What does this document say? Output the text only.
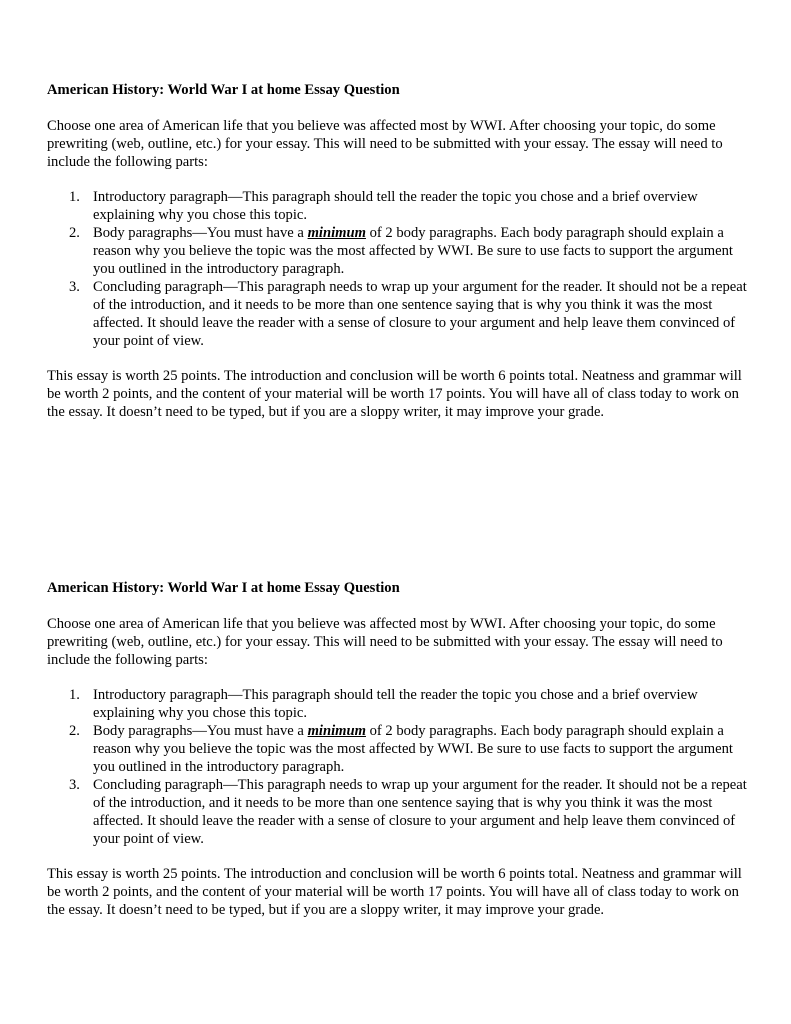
American History: World War I at home Essay Question

Choose one area of American life that you believe was affected most by WWI. After choosing your topic, do some prewriting (web, outline, etc.) for your essay. This will need to be submitted with your essay. The essay will need to include the following parts:

1. Introductory paragraph—This paragraph should tell the reader the topic you chose and a brief overview explaining why you chose this topic.
2. Body paragraphs—You must have a minimum of 2 body paragraphs. Each body paragraph should explain a reason why you believe the topic was the most affected by WWI. Be sure to use facts to support the argument you outlined in the introductory paragraph.
3. Concluding paragraph—This paragraph needs to wrap up your argument for the reader. It should not be a repeat of the introduction, and it needs to be more than one sentence saying that is why you think it was the most affected. It should leave the reader with a sense of closure to your argument and help leave them convinced of your point of view.

This essay is worth 25 points. The introduction and conclusion will be worth 6 points total. Neatness and grammar will be worth 2 points, and the content of your material will be worth 17 points. You will have all of class today to work on the essay. It doesn’t need to be typed, but if you are a sloppy writer, it may improve your grade.

American History: World War I at home Essay Question

Choose one area of American life that you believe was affected most by WWI. After choosing your topic, do some prewriting (web, outline, etc.) for your essay. This will need to be submitted with your essay. The essay will need to include the following parts:

1. Introductory paragraph—This paragraph should tell the reader the topic you chose and a brief overview explaining why you chose this topic.
2. Body paragraphs—You must have a minimum of 2 body paragraphs. Each body paragraph should explain a reason why you believe the topic was the most affected by WWI. Be sure to use facts to support the argument you outlined in the introductory paragraph.
3. Concluding paragraph—This paragraph needs to wrap up your argument for the reader. It should not be a repeat of the introduction, and it needs to be more than one sentence saying that is why you think it was the most affected. It should leave the reader with a sense of closure to your argument and help leave them convinced of your point of view.

This essay is worth 25 points. The introduction and conclusion will be worth 6 points total. Neatness and grammar will be worth 2 points, and the content of your material will be worth 17 points. You will have all of class today to work on the essay. It doesn’t need to be typed, but if you are a sloppy writer, it may improve your grade.
